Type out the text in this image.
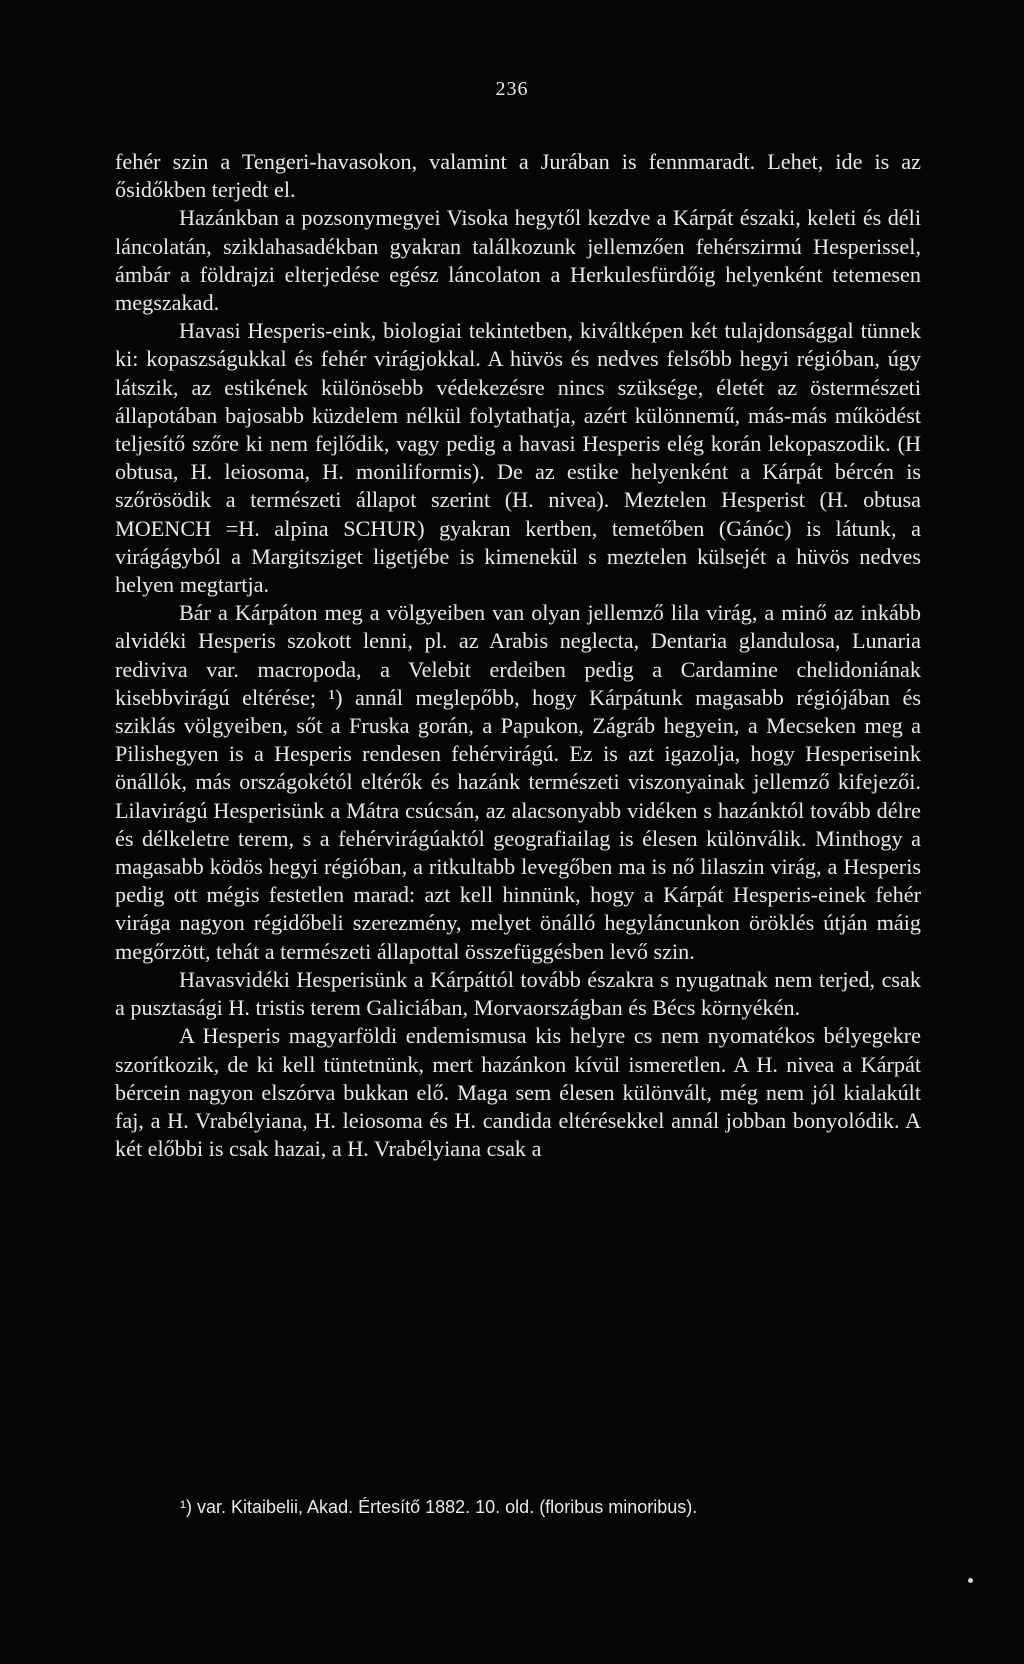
236

fehér szin a Tengeri-havasokon, valamint a Jurában is fennmaradt. Lehet, ide is az ősidőkben terjedt el.

Hazánkban a pozsonymegyei Visoka hegytől kezdve a Kárpát északi, keleti és déli láncolatán, sziklahasadékban gyakran találkozunk jellemzően fehérszirmú Hesperissel, ámbár a földrajzi elterjedése egész láncolaton a Herkulesfürdőig helyenként tetemesen megszakad.

Havasi Hesperis-eink, biologiai tekintetben, kiváltképen két tulajdonsággal tünnek ki: kopaszságukkal és fehér virágjokkal. A hüvös és nedves felsőbb hegyi régióban, úgy látszik, az estikének különösebb védekezésre nincs szüksége, életét az östermészeti állapotában bajosabb küzdelem nélkül folytathatja, azért különnemű, más-más működést teljesítő szőre ki nem fejlődik, vagy pedig a havasi Hesperis elég korán lekopaszodik. (H obtusa, H. leiosoma, H. moniliformis). De az estike helyenként a Kárpát bércén is szőrösödik a természeti állapot szerint (H. nivea). Meztelen Hesperist (H. obtusa MOENCH =H. alpina SCHUR) gyakran kertben, temetőben (Gánóc) is látunk, a virágágyból a Margitsziget ligetjébe is kimenekül s meztelen külsejét a hüvös nedves helyen megtartja.

Bár a Kárpáton meg a völgyeiben van olyan jellemző lila virág, a minő az inkább alvidéki Hesperis szokott lenni, pl. az Arabis neglecta, Dentaria glandulosa, Lunaria rediviva var. macropoda, a Velebit erdeiben pedig a Cardamine chelidoniának kisebbvirágú eltérése; ¹) annál meglepőbb, hogy Kárpátunk magasabb régiójában és sziklás völgyeiben, sőt a Fruska gorán, a Papukon, Zágráb hegyein, a Mecseken meg a Pilishegyen is a Hesperis rendesen fehérvirágú. Ez is azt igazolja, hogy Hesperiseink önállók, más országokétól eltérők és hazánk természeti viszonyainak jellemző kifejezői. Lilavirágú Hesperisünk a Mátra csúcsán, az alacsonyabb vidéken s hazánktól tovább délre és délkeletre terem, s a fehérvirágúaktól geografiailag is élesen különválik. Minthogy a magasabb ködös hegyi régióban, a ritkultabb levegőben ma is nő lilaszin virág, a Hesperis pedig ott mégis festetlen marad: azt kell hinnünk, hogy a Kárpát Hesperis-einek fehér virága nagyon régidőbeli szerezmény, melyet önálló hegyláncunkon öröklés útján máig megőrzött, tehát a természeti állapottal összefüggésben levő szin.

Havasvidéki Hesperisünk a Kárpáttól tovább északra s nyugatnak nem terjed, csak a pusztasági H. tristis terem Galiciában, Morvaországban és Bécs környékén.

A Hesperis magyarföldi endemismusa kis helyre cs nem nyomatékos bélyegekre szorítkozik, de ki kell tüntetnünk, mert hazánkon kívül ismeretlen. A H. nivea a Kárpát bércein nagyon elszórva bukkan elő. Maga sem élesen különvált, még nem jól kialakúlt faj, a H. Vrabélyiana, H. leiosoma és H. candida eltérésekkel annál jobban bonyolódik. A két előbbi is csak hazai, a H. Vrabélyiana csak a

¹) var. Kitaibelii, Akad. Értesítő 1882. 10. old. (floribus minoribus).
